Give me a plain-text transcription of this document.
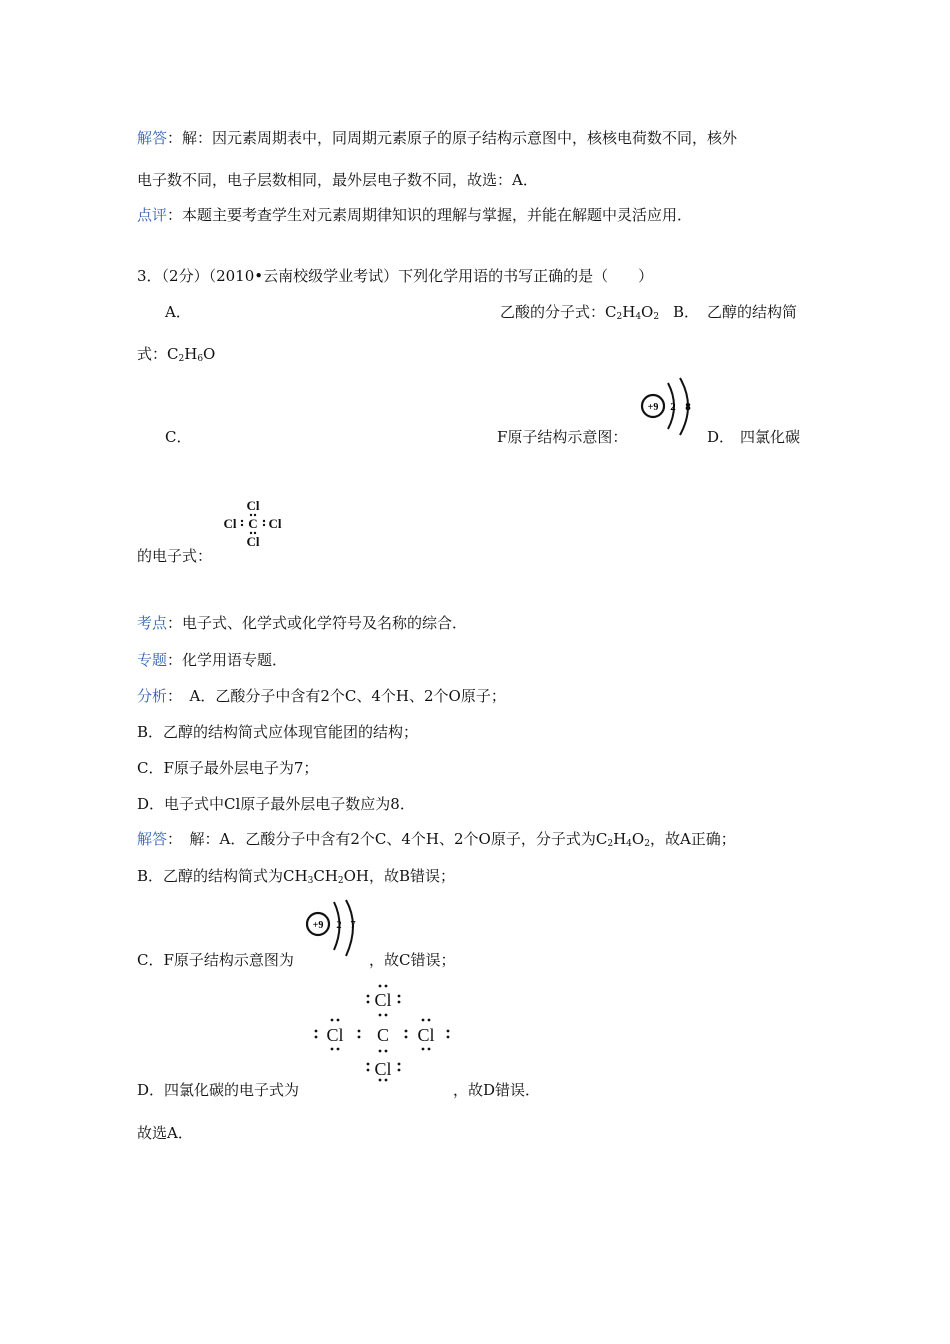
解答：解：因元素周期表中，同周期元素原子的原子结构示意图中，核核电荷数不同，核外
电子数不同，电子层数相同，最外层电子数不同，故选：A．
点评：本题主要考查学生对元素周期律知识的理解与掌握，并能在解题中灵活应用．
3．（2分）（2010•云南校级学业考试）下列化学用语的书写正确的是（　　）
A．	乙酸的分子式：$C_2H_4O_2$ B． 乙醇的结构简
式：$C_2H_6O$
C．	F原子结构示意图：
+9 2 8
D． 四氯化碳
Cl
Cl C Cl
Cl
的电子式：
考点：电子式、化学式或化学符号及名称的综合．
专题：化学用语专题．
分析：　A．乙酸分子中含有2个C、4个H、2个O原子；
B．乙醇的结构简式应体现官能团的结构；
C．F原子最外层电子为7；
D．电子式中Cl原子最外层电子数应为8．
解答：　解：A．乙酸分子中含有2个C、4个H、2个O原子，分子式为$C_2H_4O_2$，故A正确；
B．乙醇的结构简式为$CH_3CH_2OH$，故B错误；
+9 2 7
C．F原子结构示意图为	，故C错误；
Cl
Cl C Cl
Cl
D．四氯化碳的电子式为	，故D错误．
故选A．
